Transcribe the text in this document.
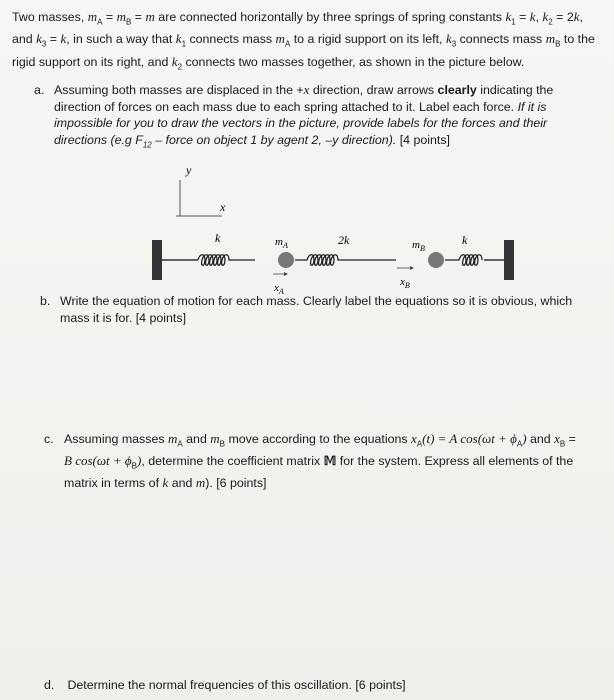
Two masses, $m_A = m_B = m$ are connected horizontally by three springs of spring constants $k_1 = k$, $k_2 = 2k$, and $k_3 = k$, in such a way that $k_1$ connects mass $m_A$ to a rigid support on its left, $k_3$ connects mass $m_B$ to the rigid support on its right, and $k_2$ connects two masses together, as shown in the picture below.
a. Assuming both masses are displaced in the +x direction, draw arrows clearly indicating the direction of forces on each mass due to each spring attached to it. Label each force. If it is impossible for you to draw the vectors in the picture, provide labels for the forces and their directions (e.g $F_{12}$ – force on object 1 by agent 2, –y direction). [4 points]
y
x
k	$m_A$	2k	$m_B$
k
$x_A$
$x_B$
b. Write the equation of motion for each mass. Clearly label the equations so it is obvious, which mass it is for. [4 points]
c. Assuming masses $m_A$ and $m_B$ move according to the equations $x_A(t) = A$ $\cos(\omega t + \phi_A)$ and $x_B$ =
B $\cos(\omega t + \phi_B)$, determine the coefficient matrix 𝕄 for the system. Express all elements of the matrix in terms of k and m). [6 points]
d. Determine the normal frequencies of this oscillation. [6 points]
